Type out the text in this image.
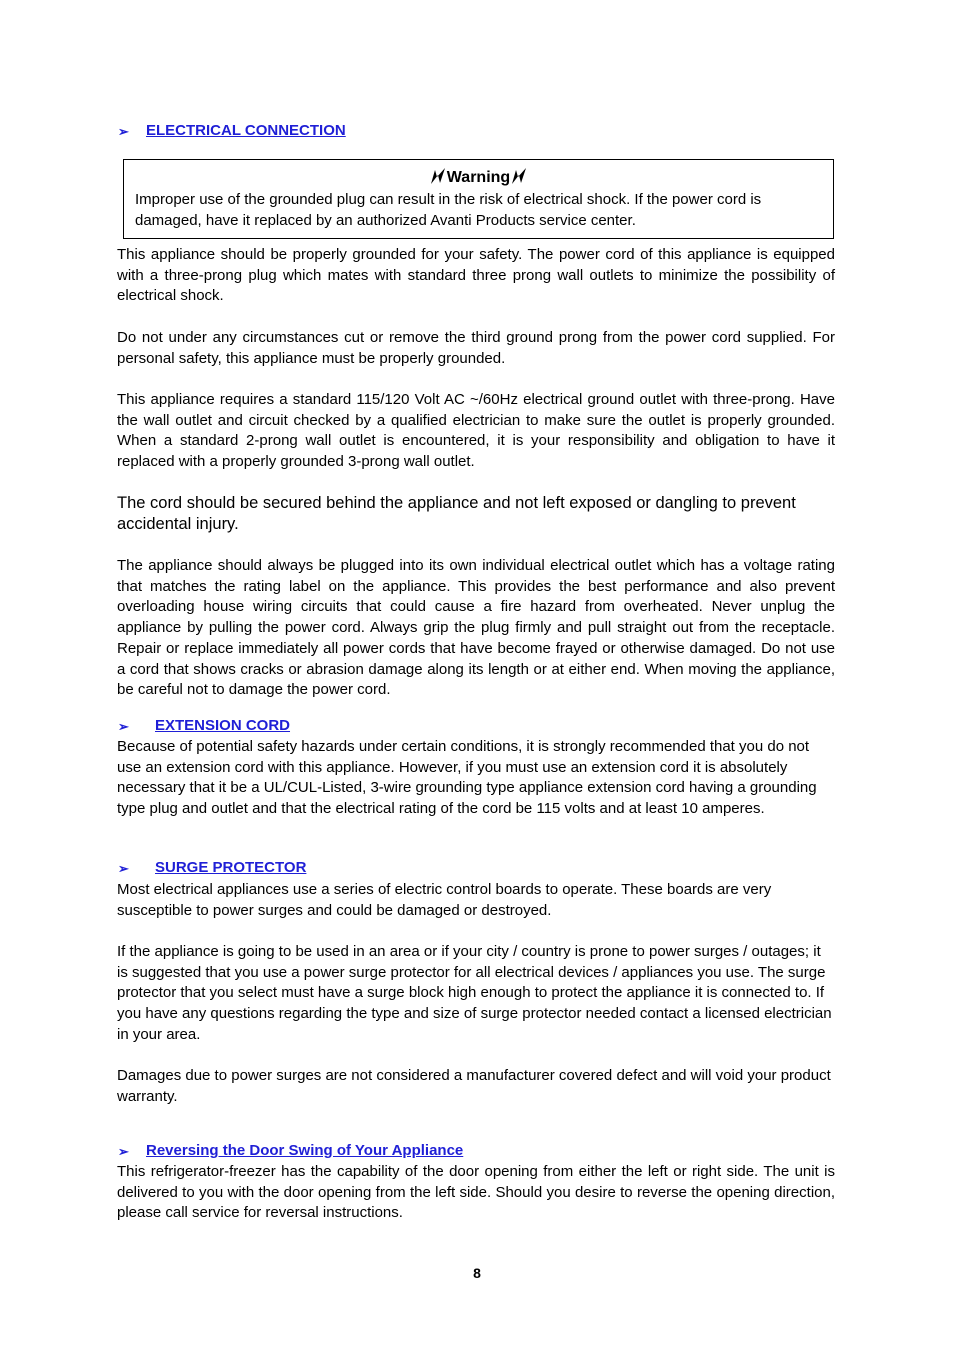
➢ ELECTRICAL CONNECTION
Warning
Improper use of the grounded plug can result in the risk of electrical shock. If the power cord is damaged, have it replaced by an authorized Avanti Products service center.

This appliance should be properly grounded for your safety. The power cord of this appliance is equipped with a three-prong plug which mates with standard three prong wall outlets to minimize the possibility of electrical shock.

Do not under any circumstances cut or remove the third ground prong from the power cord supplied. For personal safety, this appliance must be properly grounded.

This appliance requires a standard 115/120 Volt AC ~/60Hz electrical ground outlet with three-prong. Have the wall outlet and circuit checked by a qualified electrician to make sure the outlet is properly grounded. When a standard 2-prong wall outlet is encountered, it is your responsibility and obligation to have it replaced with a properly grounded 3-prong wall outlet.

The cord should be secured behind the appliance and not left exposed or dangling to prevent accidental injury.

The appliance should always be plugged into its own individual electrical outlet which has a voltage rating that matches the rating label on the appliance. This provides the best performance and also prevent overloading house wiring circuits that could cause a fire hazard from overheated. Never unplug the appliance by pulling the power cord. Always grip the plug firmly and pull straight out from the receptacle. Repair or replace immediately all power cords that have become frayed or otherwise damaged. Do not use a cord that shows cracks or abrasion damage along its length or at either end. When moving the appliance, be careful not to damage the power cord.

➢ EXTENSION CORD

Because of potential safety hazards under certain conditions, it is strongly recommended that you do not use an extension cord with this appliance. However, if you must use an extension cord it is absolutely necessary that it be a UL/CUL-Listed, 3-wire grounding type appliance extension cord having a grounding type plug and outlet and that the electrical rating of the cord be 115 volts and at least 10 amperes.

➢ SURGE PROTECTOR

Most electrical appliances use a series of electric control boards to operate. These boards are very susceptible to power surges and could be damaged or destroyed.

If the appliance is going to be used in an area or if your city / country is prone to power surges / outages; it is suggested that you use a power surge protector for all electrical devices / appliances you use. The surge protector that you select must have a surge block high enough to protect the appliance it is connected to. If you have any questions regarding the type and size of surge protector needed contact a licensed electrician in your area.

Damages due to power surges are not considered a manufacturer covered defect and will void your product warranty.

➢ Reversing the Door Swing of Your Appliance

This refrigerator-freezer has the capability of the door opening from either the left or right side. The unit is delivered to you with the door opening from the left side. Should you desire to reverse the opening direction, please call service for reversal instructions.

8
